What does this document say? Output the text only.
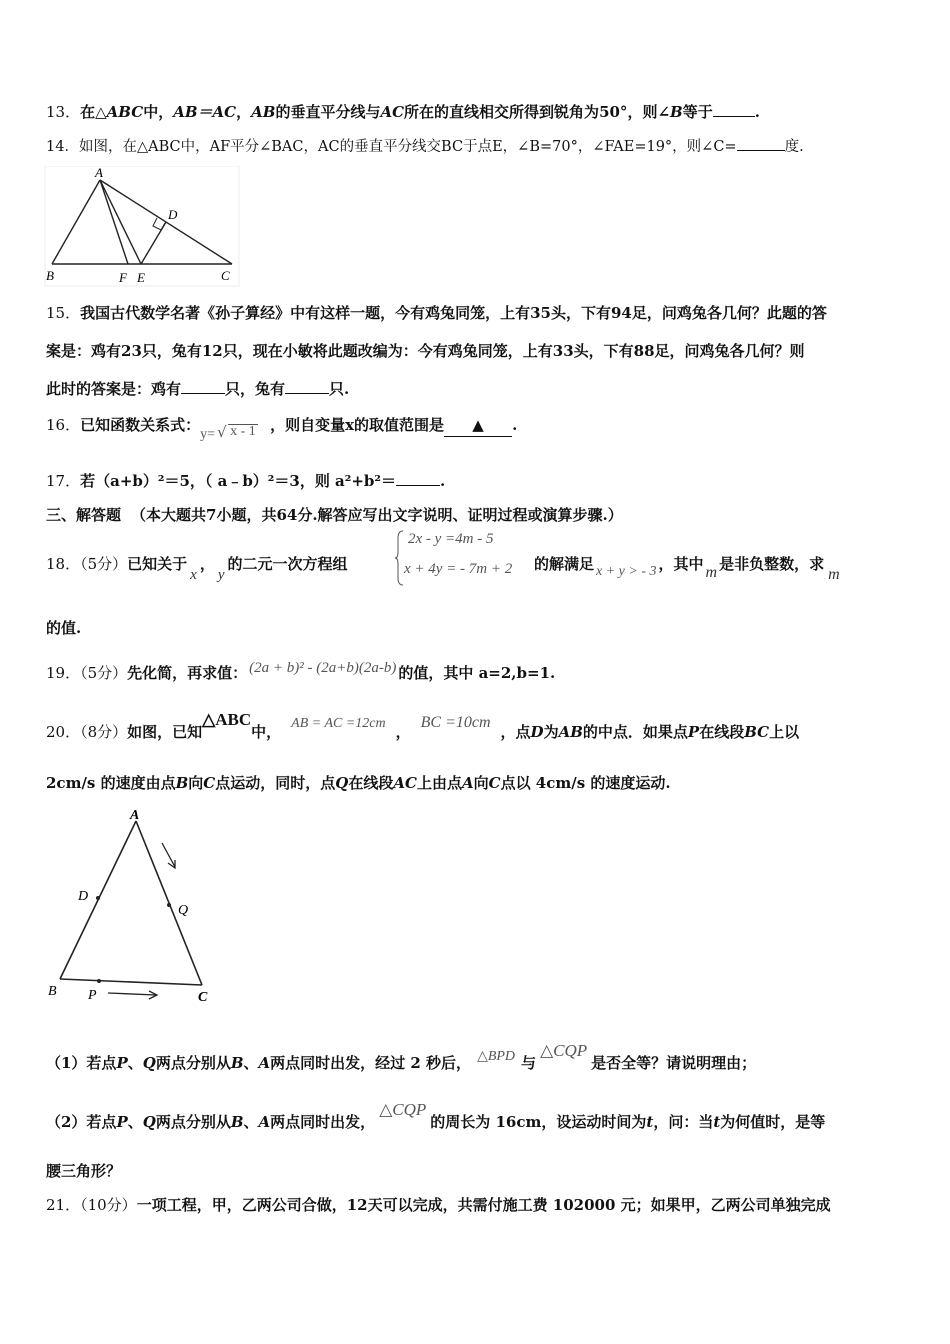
13．在△ABC中，AB＝AC，AB的垂直平分线与AC所在的直线相交所得到锐角为50°，则∠B等于	.
14．如图，在△ABC中，AF平分∠BAC，AC的垂直平分线交BC于点E，∠B=70°，∠FAE=19°，则∠C=	度.
A
D
B	F E	C
15．我国古代数学名著《孙子算经》中有这样一题，今有鸡兔同笼，上有35头，下有94足，问鸡兔各几何？此题的答
案是：鸡有23只，兔有12只，现在小敏将此题改编为：今有鸡兔同笼，上有33头，下有88足，问鸡兔各几何？则
此时的答案是：鸡有	只，兔有	只.
16．已知函数关系式：
y= √ x - 1 ，则自变量x的取值范围是 ▲ .
17．若（a+b）²＝5，（ a﹣b）²＝3，则 a²+b²＝	.
三、解答题 （本大题共7小题，共64分.解答应写出文字说明、证明过程或演算步骤.）
18．（5分）已知关于x，y的二元一次方程组
2x - y =4m - 5
x + 4y = - 7m + 2 的解满足 x + y > - 3 ，其中 m 是非负整数，求m
的值.
19．（5分）先化简，再求值： (2a + b)² - (2a+b)(2a-b) 的值，其中 a=2,b=1.
20．（8分）如图，已知△ABC中， AB = AC =12cm ，BC =10cm，点D为AB的中点．如果点P在线段BC上以
2cm/s 的速度由点B向C点运动，同时，点Q在线段AC上由点A向C点以 4cm/s 的速度运动.
A
D
Q
B P	C
（1）若点P、Q两点分别从B、A两点同时出发，经过 2 秒后， △BPD 与△CQP是否全等？请说明理由；
（2）若点P、Q两点分别从B、A两点同时出发，△CQP的周长为 16cm，设运动时间为t，问：当t为何值时，是等
腰三角形？
21．（10分）一项工程，甲，乙两公司合做，12天可以完成，共需付施工费 102000 元；如果甲，乙两公司单独完成
